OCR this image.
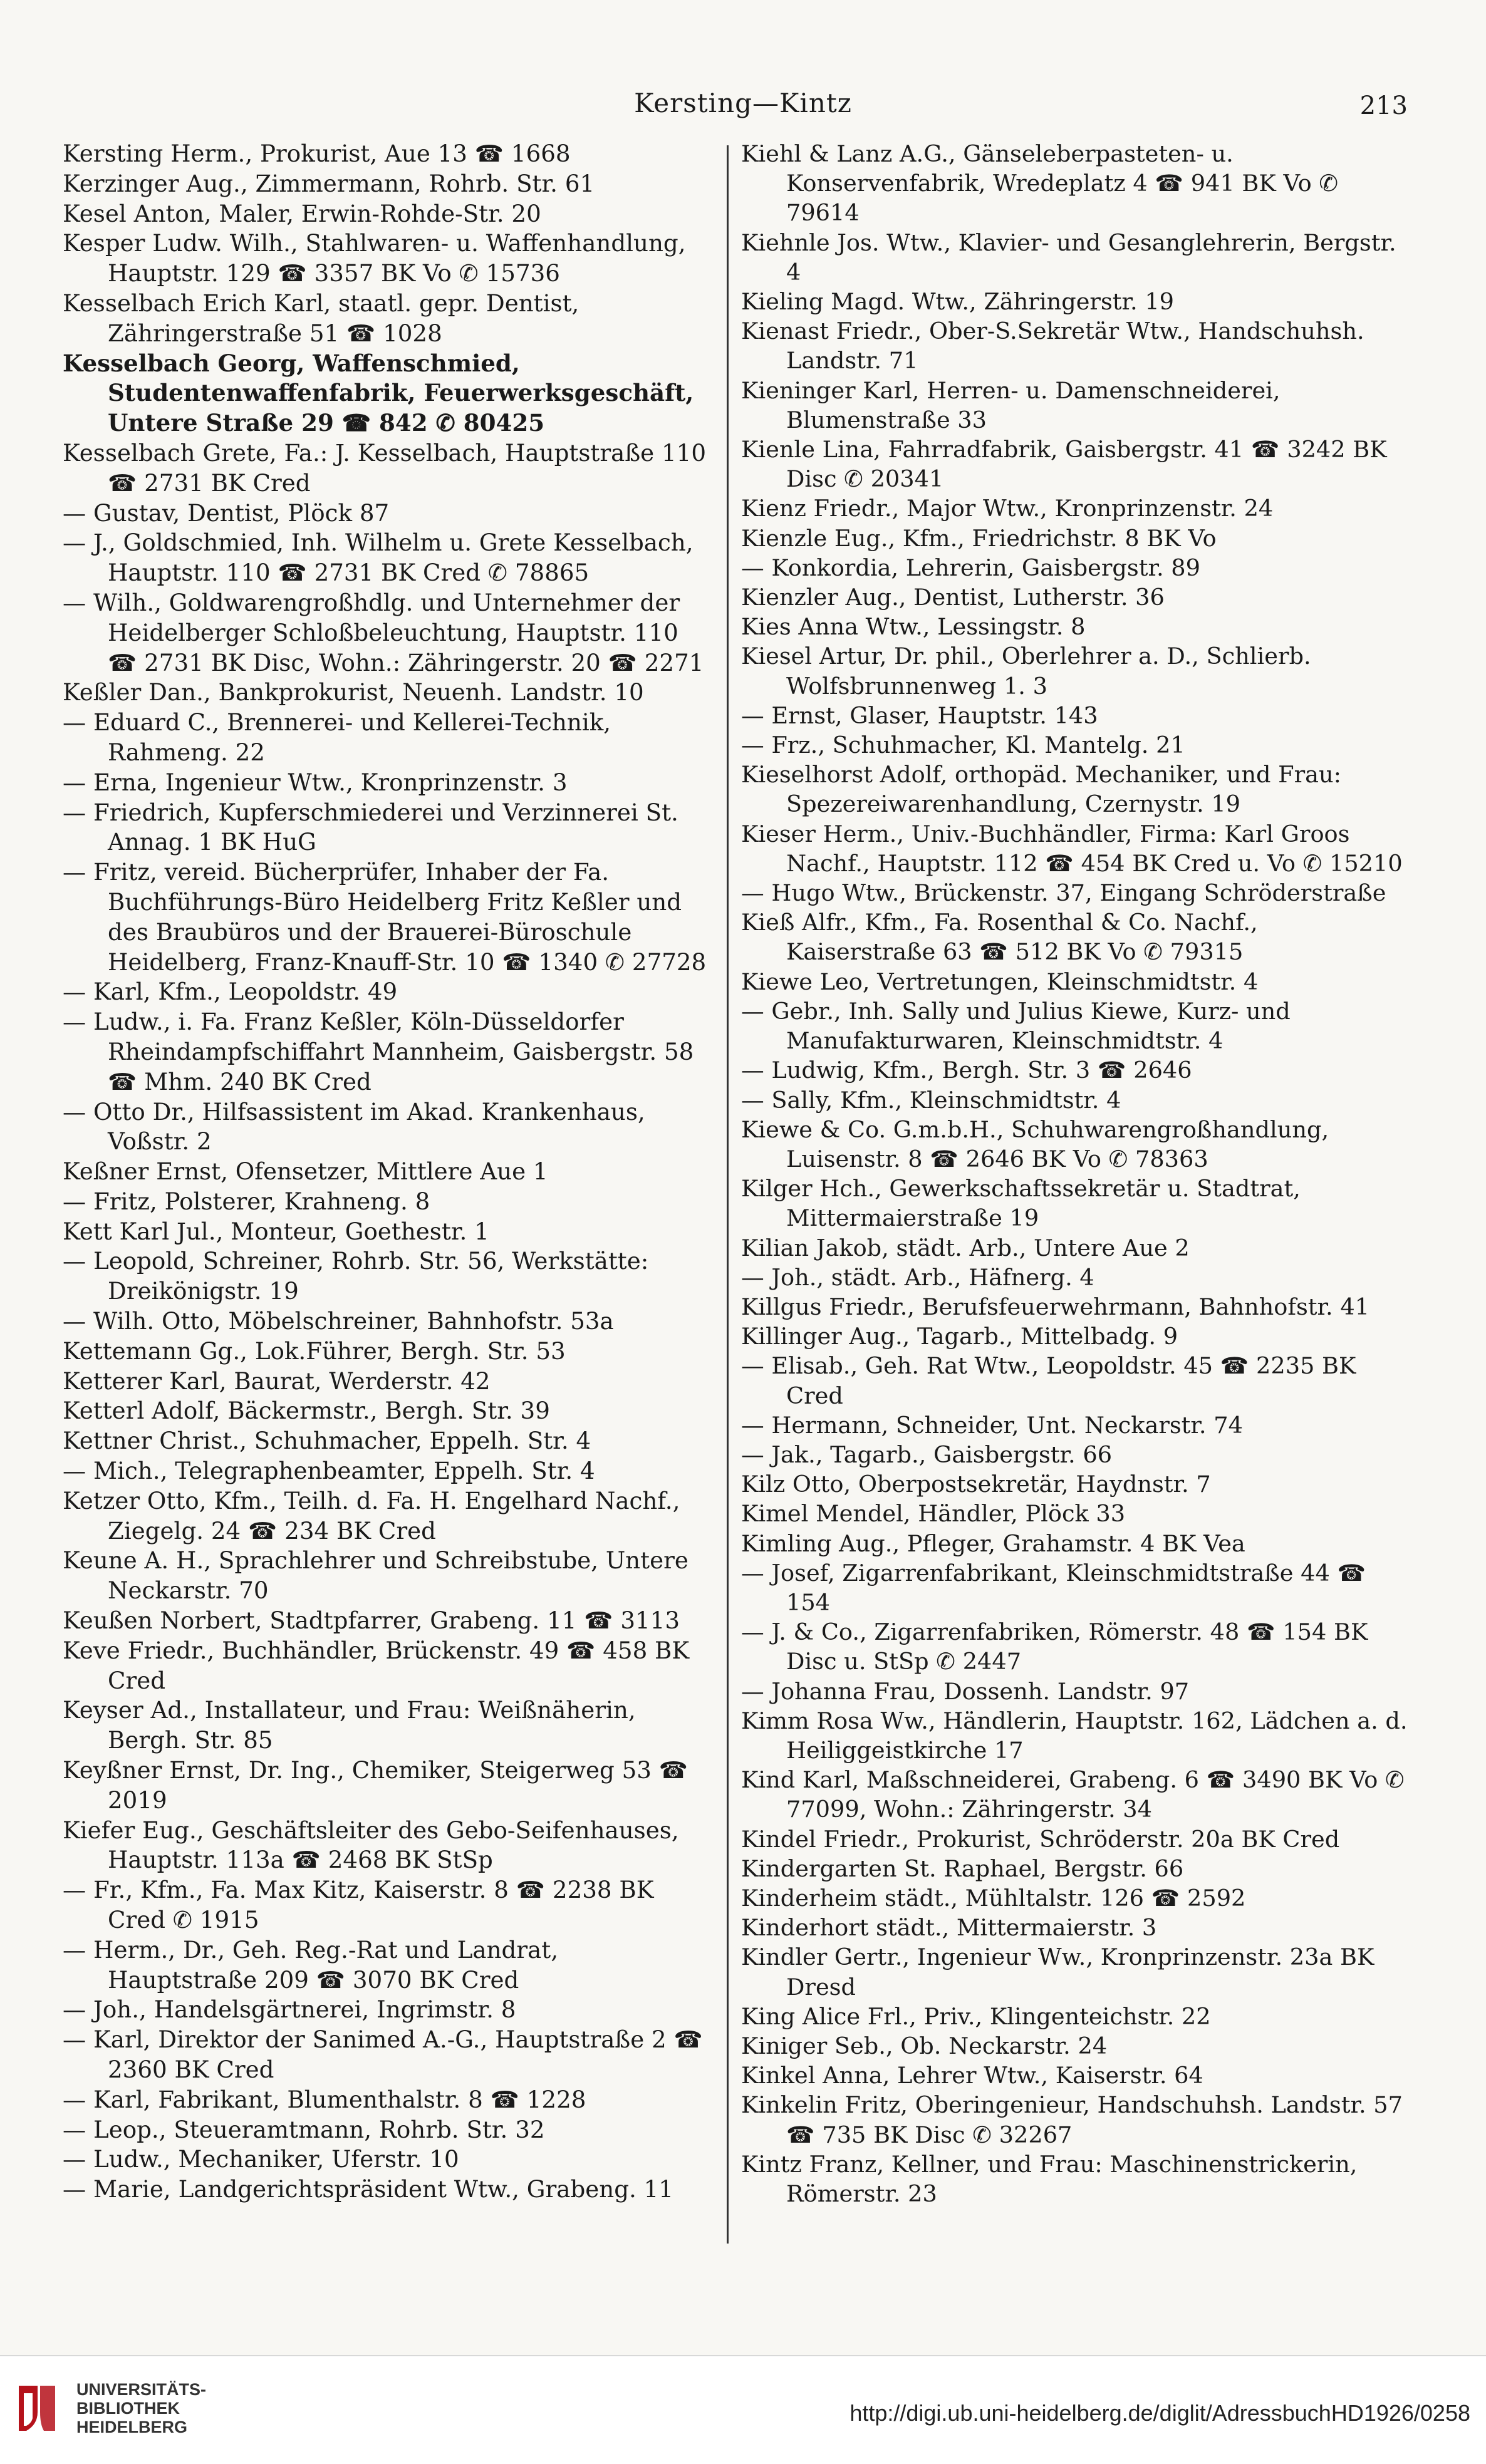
Kersting—Kintz	213

Kersting Herm., Prokurist, Aue 13 ☎ 1668

Kerzinger Aug., Zimmermann, Rohrb. Str. 61

Kesel Anton, Maler, Erwin-Rohde-Str. 20

Kesper Ludw. Wilh., Stahlwaren- u. Waffenhandlung, Hauptstr. 129 ☎ 3357 BK Vo ✆ 15736

Kesselbach Erich Karl, staatl. gepr. Dentist, Zähringerstraße 51 ☎ 1028

Kesselbach Georg, Waffenschmied, Studentenwaffenfabrik, Feuerwerksgeschäft, Untere Straße 29 ☎ 842 ✆ 80425

Kesselbach Grete, Fa.: J. Kesselbach, Hauptstraße 110 ☎ 2731 BK Cred

— Gustav, Dentist, Plöck 87

— J., Goldschmied, Inh. Wilhelm u. Grete Kesselbach, Hauptstr. 110 ☎ 2731 BK Cred ✆ 78865

— Wilh., Goldwarengroßhdlg. und Unternehmer der Heidelberger Schloßbeleuchtung, Hauptstr. 110 ☎ 2731 BK Disc, Wohn.: Zähringerstr. 20 ☎ 2271

Keßler Dan., Bankprokurist, Neuenh. Landstr. 10

— Eduard C., Brennerei- und Kellerei-Technik, Rahmeng. 22

— Erna, Ingenieur Wtw., Kronprinzenstr. 3

— Friedrich, Kupferschmiederei und Verzinnerei St. Annag. 1 BK HuG

— Fritz, vereid. Bücherprüfer, Inhaber der Fa. Buchführungs-Büro Heidelberg Fritz Keßler und des Braubüros und der Brauerei-Büroschule Heidelberg, Franz-Knauff-Str. 10 ☎ 1340 ✆ 27728

— Karl, Kfm., Leopoldstr. 49

— Ludw., i. Fa. Franz Keßler, Köln-Düsseldorfer Rheindampfschiffahrt Mannheim, Gaisbergstr. 58 ☎ Mhm. 240 BK Cred

— Otto Dr., Hilfsassistent im Akad. Krankenhaus, Voßstr. 2

Keßner Ernst, Ofensetzer, Mittlere Aue 1

— Fritz, Polsterer, Krahneng. 8

Kett Karl Jul., Monteur, Goethestr. 1

— Leopold, Schreiner, Rohrb. Str. 56, Werkstätte: Dreikönigstr. 19

— Wilh. Otto, Möbelschreiner, Bahnhofstr. 53a

Kettemann Gg., Lok.Führer, Bergh. Str. 53

Ketterer Karl, Baurat, Werderstr. 42

Ketterl Adolf, Bäckermstr., Bergh. Str. 39

Kettner Christ., Schuhmacher, Eppelh. Str. 4

— Mich., Telegraphenbeamter, Eppelh. Str. 4

Ketzer Otto, Kfm., Teilh. d. Fa. H. Engelhard Nachf., Ziegelg. 24 ☎ 234 BK Cred

Keune A. H., Sprachlehrer und Schreibstube, Untere Neckarstr. 70

Keußen Norbert, Stadtpfarrer, Grabeng. 11 ☎ 3113

Keve Friedr., Buchhändler, Brückenstr. 49 ☎ 458 BK Cred

Keyser Ad., Installateur, und Frau: Weißnäherin, Bergh. Str. 85

Keyßner Ernst, Dr. Ing., Chemiker, Steigerweg 53 ☎ 2019

Kiefer Eug., Geschäftsleiter des Gebo-Seifenhauses, Hauptstr. 113a ☎ 2468 BK StSp

— Fr., Kfm., Fa. Max Kitz, Kaiserstr. 8 ☎ 2238 BK Cred ✆ 1915

— Herm., Dr., Geh. Reg.-Rat und Landrat, Hauptstraße 209 ☎ 3070 BK Cred

— Joh., Handelsgärtnerei, Ingrimstr. 8

— Karl, Direktor der Sanimed A.-G., Hauptstraße 2 ☎ 2360 BK Cred

— Karl, Fabrikant, Blumenthalstr. 8 ☎ 1228

— Leop., Steueramtmann, Rohrb. Str. 32

— Ludw., Mechaniker, Uferstr. 10

— Marie, Landgerichtspräsident Wtw., Grabeng. 11

Kiehl & Lanz A.G., Gänseleberpasteten- u. Konservenfabrik, Wredeplatz 4 ☎ 941 BK Vo ✆ 79614

Kiehnle Jos. Wtw., Klavier- und Gesanglehrerin, Bergstr. 4

Kieling Magd. Wtw., Zähringerstr. 19

Kienast Friedr., Ober-S.Sekretär Wtw., Handschuhsh. Landstr. 71

Kieninger Karl, Herren- u. Damenschneiderei, Blumenstraße 33

Kienle Lina, Fahrradfabrik, Gaisbergstr. 41 ☎ 3242 BK Disc ✆ 20341

Kienz Friedr., Major Wtw., Kronprinzenstr. 24

Kienzle Eug., Kfm., Friedrichstr. 8 BK Vo

— Konkordia, Lehrerin, Gaisbergstr. 89

Kienzler Aug., Dentist, Lutherstr. 36

Kies Anna Wtw., Lessingstr. 8

Kiesel Artur, Dr. phil., Oberlehrer a. D., Schlierb. Wolfsbrunnenweg 1. 3

— Ernst, Glaser, Hauptstr. 143

— Frz., Schuhmacher, Kl. Mantelg. 21

Kieselhorst Adolf, orthopäd. Mechaniker, und Frau: Spezereiwarenhandlung, Czernystr. 19

Kieser Herm., Univ.-Buchhändler, Firma: Karl Groos Nachf., Hauptstr. 112 ☎ 454 BK Cred u. Vo ✆ 15210

— Hugo Wtw., Brückenstr. 37, Eingang Schröderstraße

Kieß Alfr., Kfm., Fa. Rosenthal & Co. Nachf., Kaiserstraße 63 ☎ 512 BK Vo ✆ 79315

Kiewe Leo, Vertretungen, Kleinschmidtstr. 4

— Gebr., Inh. Sally und Julius Kiewe, Kurz- und Manufakturwaren, Kleinschmidtstr. 4

— Ludwig, Kfm., Bergh. Str. 3 ☎ 2646

— Sally, Kfm., Kleinschmidtstr. 4

Kiewe & Co. G.m.b.H., Schuhwarengroßhandlung, Luisenstr. 8 ☎ 2646 BK Vo ✆ 78363

Kilger Hch., Gewerkschaftssekretär u. Stadtrat, Mittermaierstraße 19

Kilian Jakob, städt. Arb., Untere Aue 2

— Joh., städt. Arb., Häfnerg. 4

Killgus Friedr., Berufsfeuerwehrmann, Bahnhofstr. 41

Killinger Aug., Tagarb., Mittelbadg. 9

— Elisab., Geh. Rat Wtw., Leopoldstr. 45 ☎ 2235 BK Cred

— Hermann, Schneider, Unt. Neckarstr. 74

— Jak., Tagarb., Gaisbergstr. 66

Kilz Otto, Oberpostsekretär, Haydnstr. 7

Kimel Mendel, Händler, Plöck 33

Kimling Aug., Pfleger, Grahamstr. 4 BK Vea

— Josef, Zigarrenfabrikant, Kleinschmidtstraße 44 ☎ 154

— J. & Co., Zigarrenfabriken, Römerstr. 48 ☎ 154 BK Disc u. StSp ✆ 2447

— Johanna Frau, Dossenh. Landstr. 97

Kimm Rosa Ww., Händlerin, Hauptstr. 162, Lädchen a. d. Heiliggeistkirche 17

Kind Karl, Maßschneiderei, Grabeng. 6 ☎ 3490 BK Vo ✆ 77099, Wohn.: Zähringerstr. 34

Kindel Friedr., Prokurist, Schröderstr. 20a BK Cred

Kindergarten St. Raphael, Bergstr. 66

Kinderheim städt., Mühltalstr. 126 ☎ 2592

Kinderhort städt., Mittermaierstr. 3

Kindler Gertr., Ingenieur Ww., Kronprinzenstr. 23a BK Dresd

King Alice Frl., Priv., Klingenteichstr. 22

Kiniger Seb., Ob. Neckarstr. 24

Kinkel Anna, Lehrer Wtw., Kaiserstr. 64

Kinkelin Fritz, Oberingenieur, Handschuhsh. Landstr. 57 ☎ 735 BK Disc ✆ 32267

Kintz Franz, Kellner, und Frau: Maschinenstrickerin, Römerstr. 23

UNIVERSITÄTS-
BIBLIOTHEK
HEIDELBERG
http://digi.ub.uni-heidelberg.de/diglit/AdressbuchHD1926/0258
